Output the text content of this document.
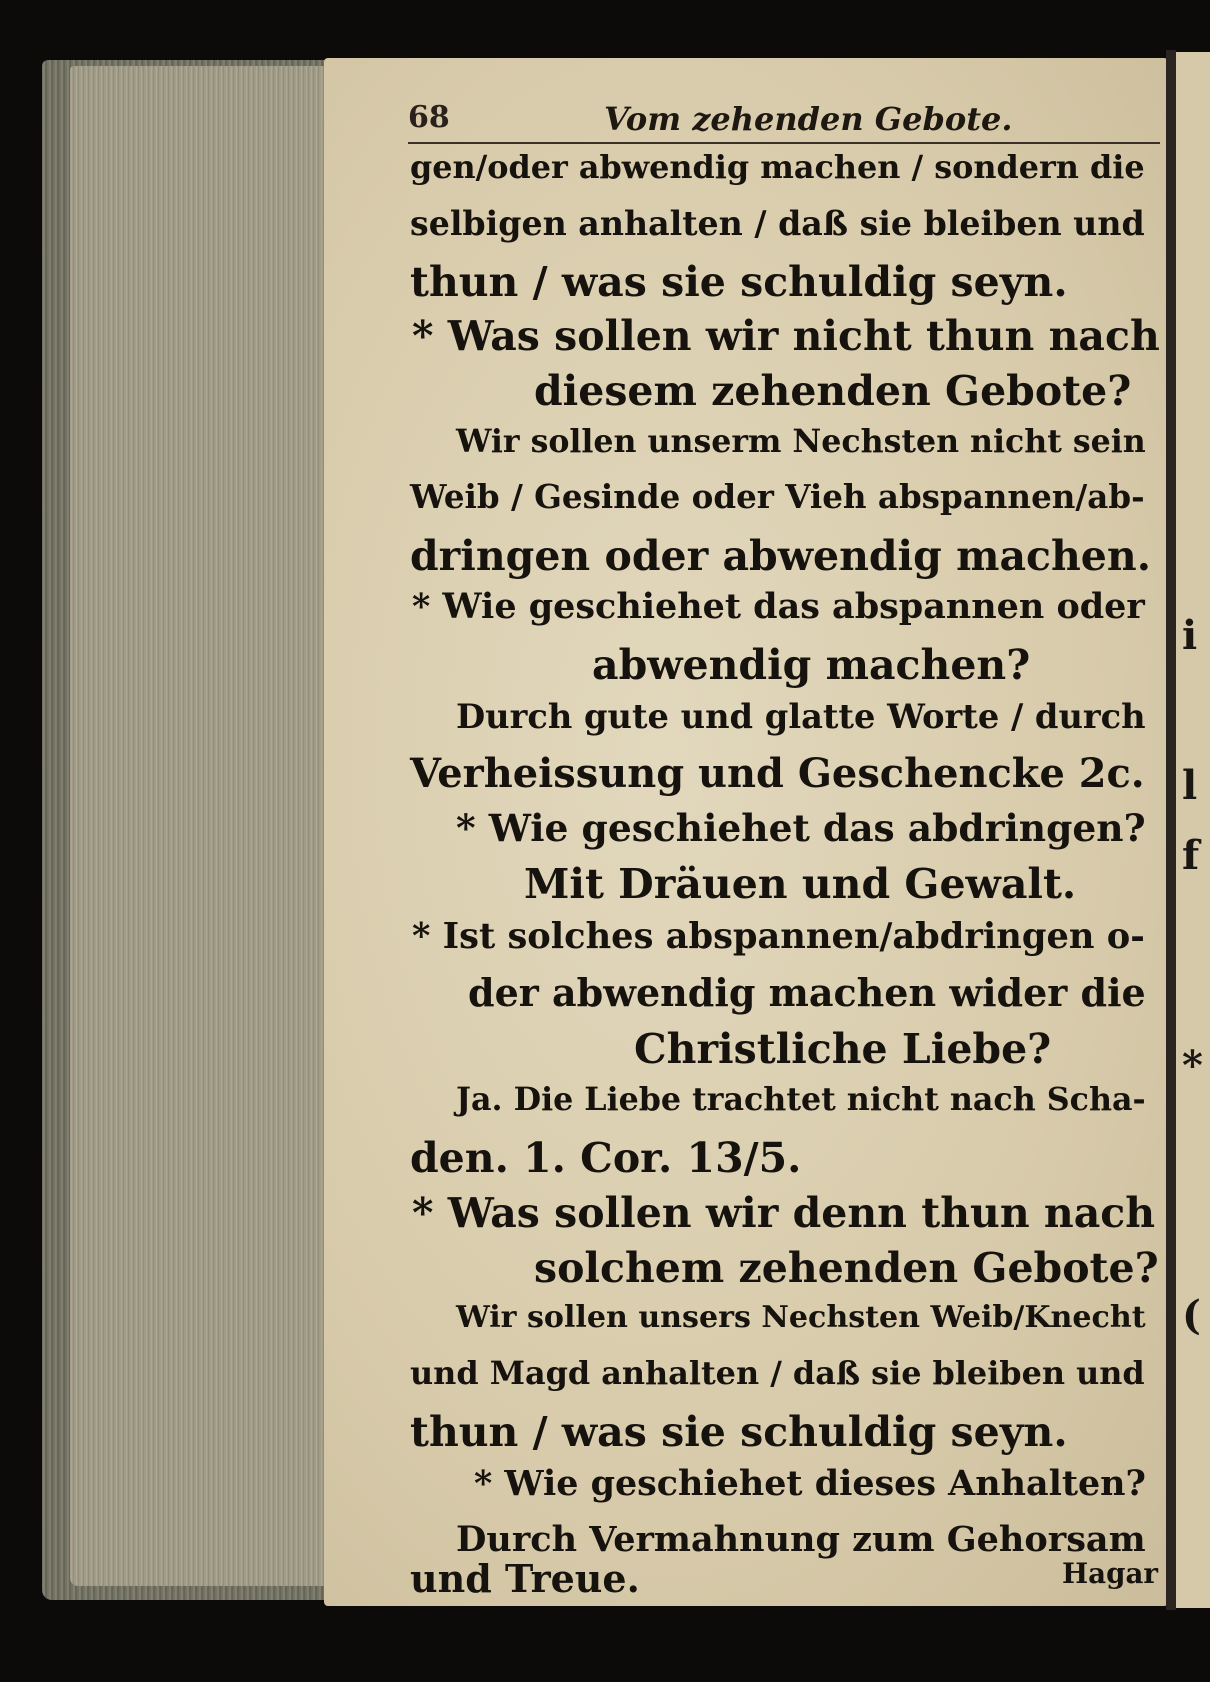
i
l
f
*
(
68	Vom zehenden Gebote.
gen/oder abwendig machen / sondern die
selbigen anhalten / daß sie bleiben und
thun / was sie schuldig seyn.
* Was sollen wir nicht thun nach
diesem zehenden Gebote?
Wir sollen unserm Nechsten nicht sein
Weib / Gesinde oder Vieh abspannen/ab-
dringen oder abwendig machen.
* Wie geschiehet das abspannen oder
abwendig machen?
Durch gute und glatte Worte / durch
Verheissung und Geschencke 2c.
* Wie geschiehet das abdringen?
Mit Dräuen und Gewalt.
* Ist solches abspannen/abdringen o-
der abwendig machen wider die
Christliche Liebe?
Ja. Die Liebe trachtet nicht nach Scha-
den. 1. Cor. 13/5.
* Was sollen wir denn thun nach
solchem zehenden Gebote?
Wir sollen unsers Nechsten Weib/Knecht
und Magd anhalten / daß sie bleiben und
thun / was sie schuldig seyn.
* Wie geschiehet dieses Anhalten?
Durch Vermahnung zum Gehorsam
und Treue.	Hagar
